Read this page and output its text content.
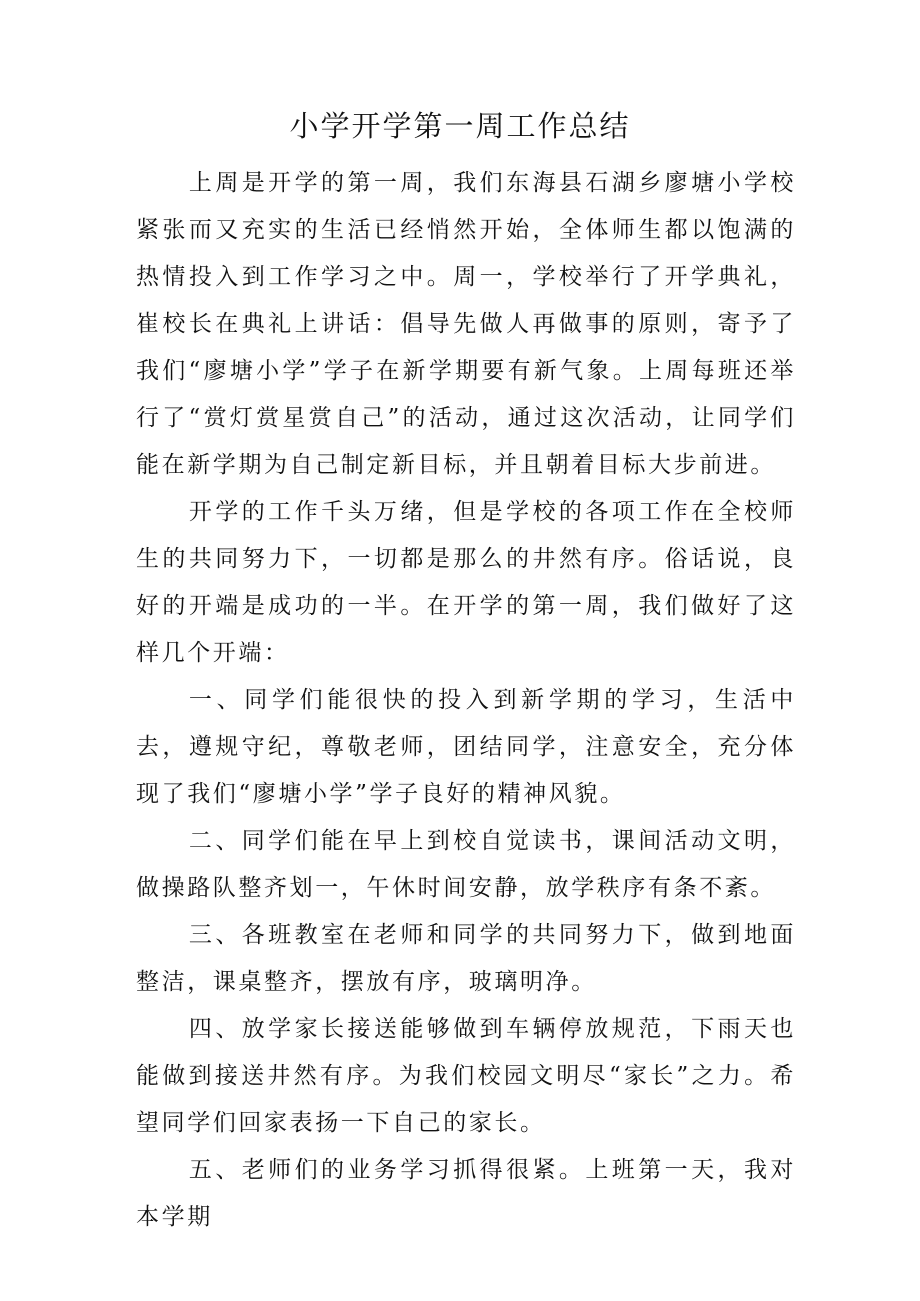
小学开学第一周工作总结

上周是开学的第一周，我们东海县石湖乡廖塘小学校紧张而又充实的生活已经悄然开始，全体师生都以饱满的热情投入到工作学习之中。周一，学校举行了开学典礼，崔校长在典礼上讲话：倡导先做人再做事的原则，寄予了我们“廖塘小学”学子在新学期要有新气象。上周每班还举行了“赏灯赏星赏自己”的活动，通过这次活动，让同学们能在新学期为自己制定新目标，并且朝着目标大步前进。

开学的工作千头万绪，但是学校的各项工作在全校师生的共同努力下，一切都是那么的井然有序。俗话说，良好的开端是成功的一半。在开学的第一周，我们做好了这样几个开端：

一、同学们能很快的投入到新学期的学习，生活中去，遵规守纪，尊敬老师，团结同学，注意安全，充分体现了我们“廖塘小学”学子良好的精神风貌。

二、同学们能在早上到校自觉读书，课间活动文明，做操路队整齐划一，午休时间安静，放学秩序有条不紊。

三、各班教室在老师和同学的共同努力下，做到地面整洁，课桌整齐，摆放有序，玻璃明净。

四、放学家长接送能够做到车辆停放规范，下雨天也能做到接送井然有序。为我们校园文明尽“家长”之力。希望同学们回家表扬一下自己的家长。

五、老师们的业务学习抓得很紧。上班第一天，我对本学期
